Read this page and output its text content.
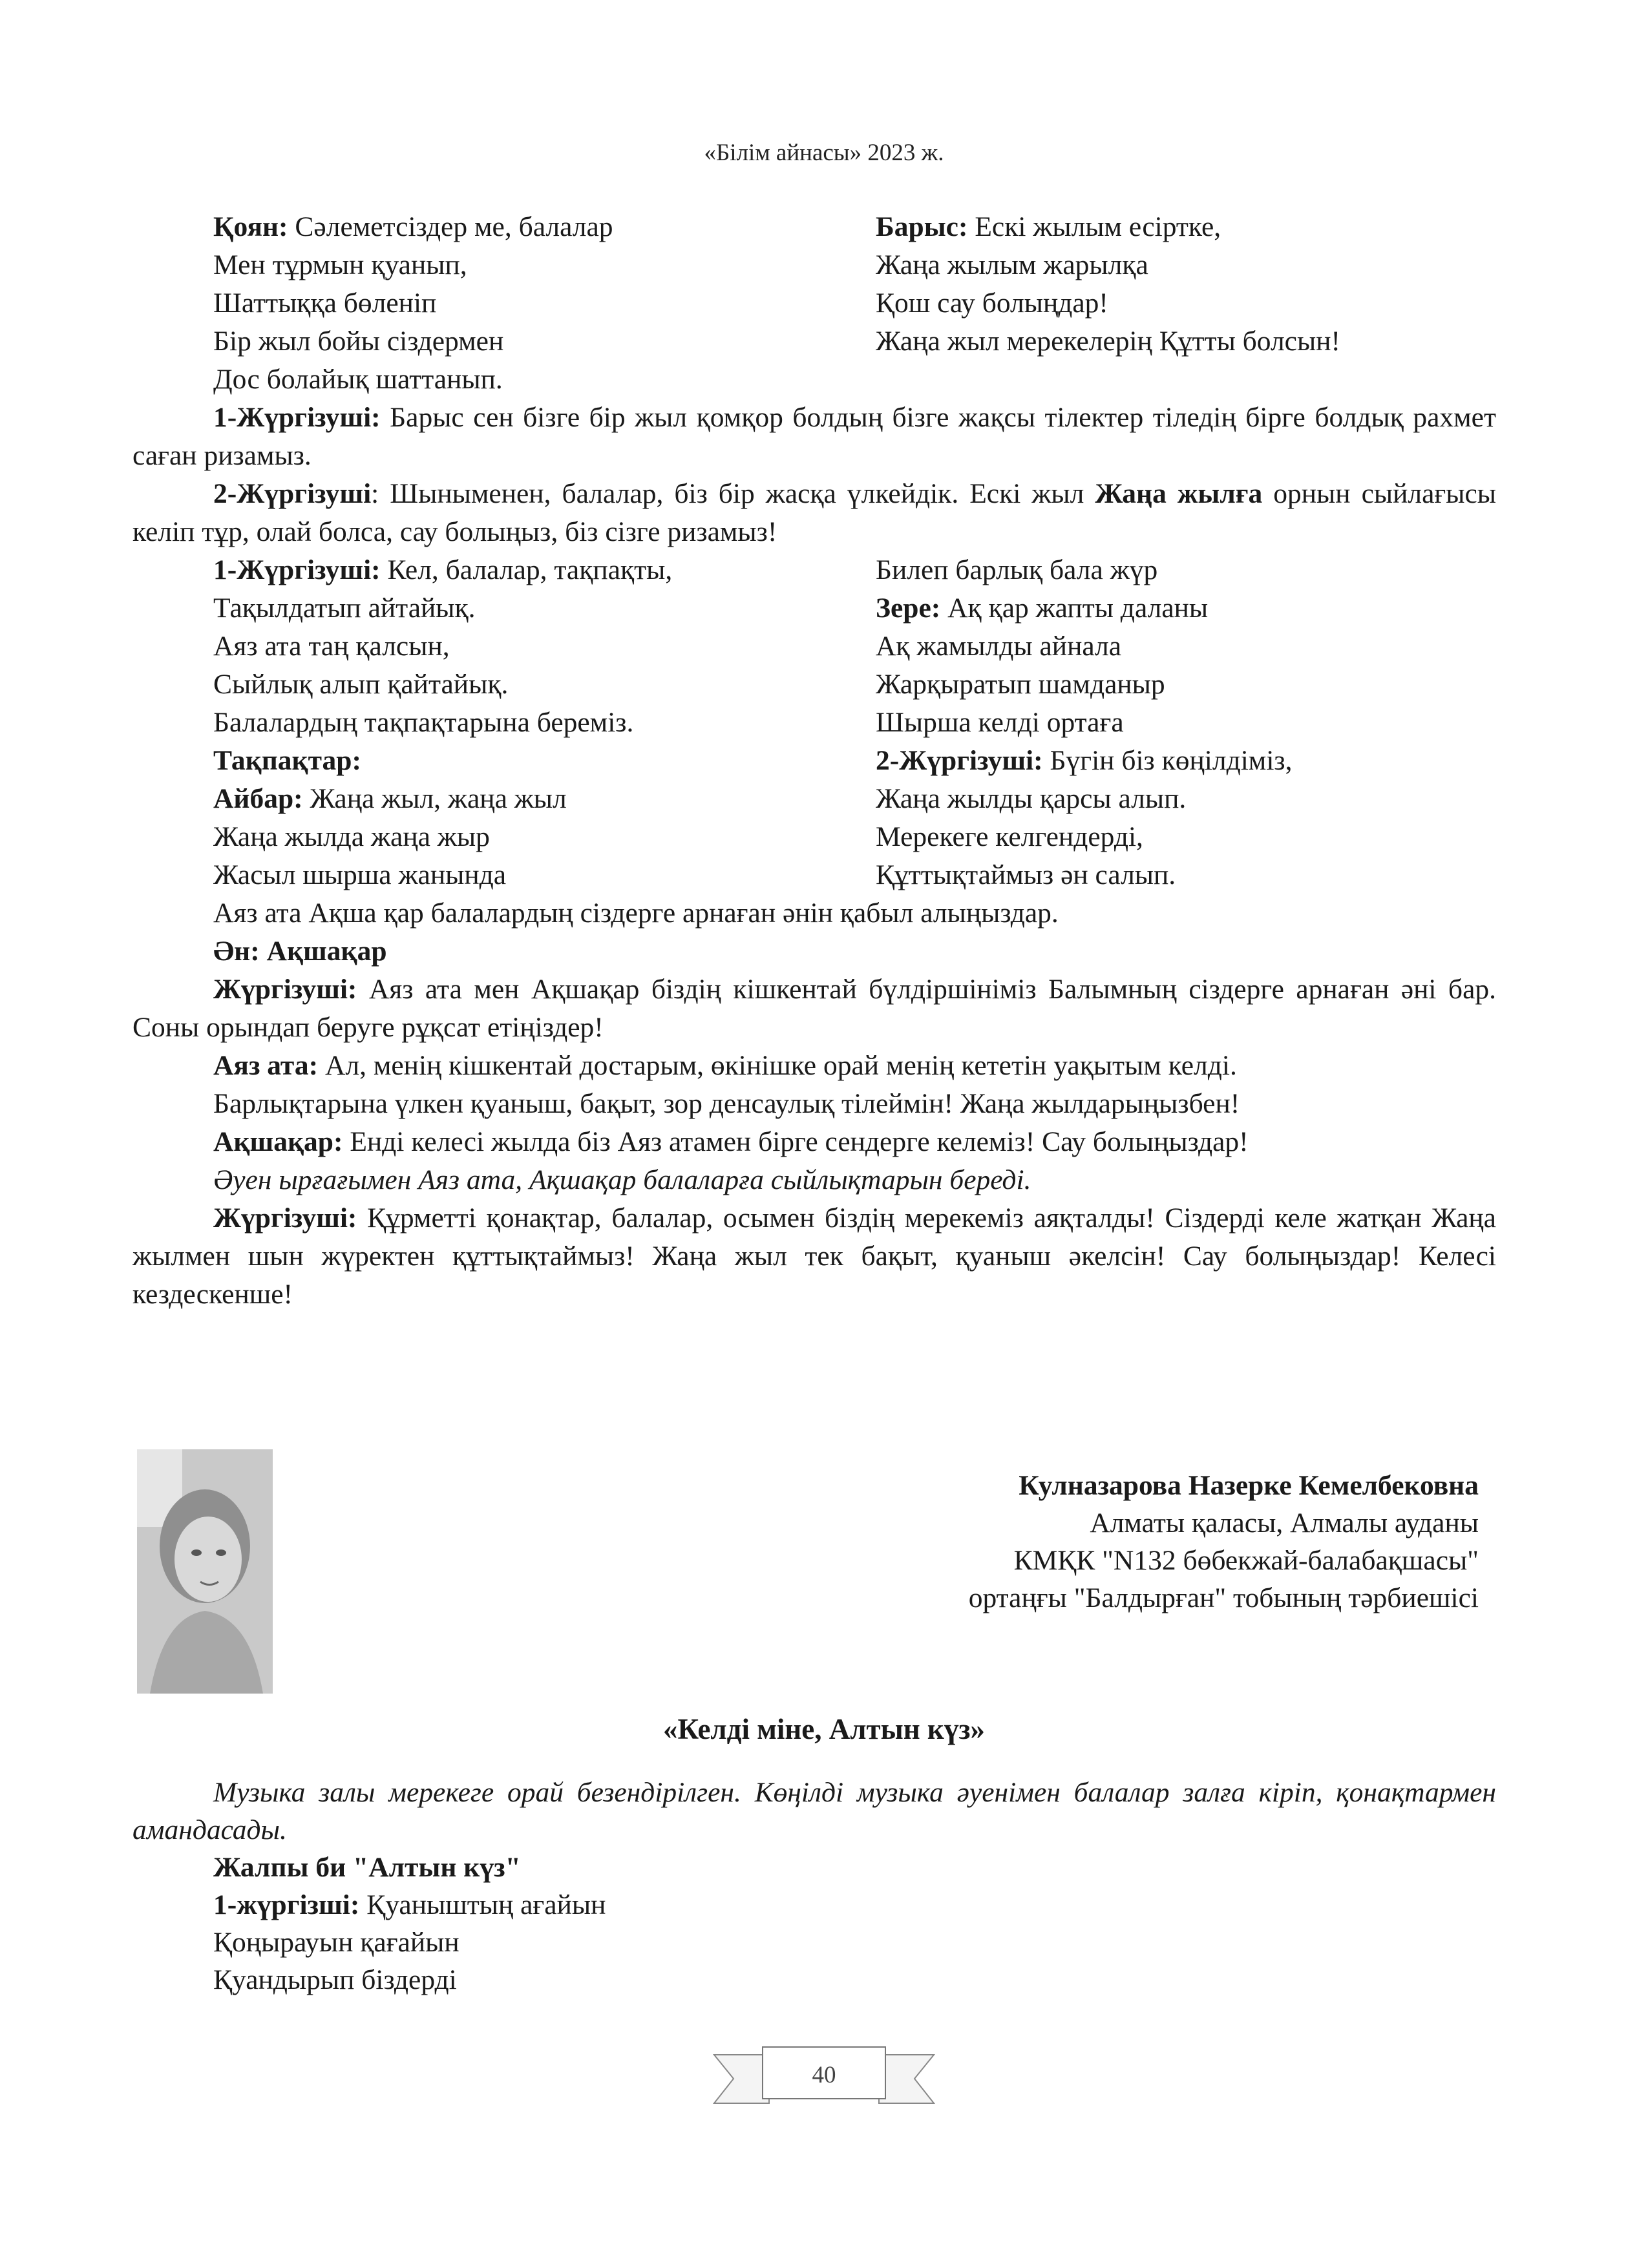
«Білім айнасы» 2023 ж.
Қоян: Сәлеметсіздер ме, балалар
Мен тұрмын қуанып,
Шаттыққа бөленіп
Бір жыл бойы сіздермен
Дос болайық шаттанып.
Барыс: Ескі жылым есіртке,
Жаңа жылым жарылқа
Қош сау болыңдар!
Жаңа жыл мерекелерің Құтты болсын!
1-Жүргізуші: Барыс сен бізге бір жыл қомқор болдың бізге жақсы тілектер тіледің бірге болдық рахмет саған ризамыз.
2-Жүргізуші: Шыныменен, балалар, біз бір жасқа үлкейдік. Ескі жыл Жаңа жылға орнын сыйлағысы келіп тұр, олай болса, сау болыңыз, біз сізге ризамыз!
1-Жүргізуші: Кел, балалар, тақпақты,
Тақылдатып айтайық.
Аяз ата таң қалсын,
Сыйлық алып қайтайық.
Балалардың тақпақтарына береміз.
Тақпақтар:
Айбар: Жаңа жыл, жаңа жыл
Жаңа жылда жаңа жыр
Жасыл шырша жанында
Билеп барлық бала жүр
Зере: Ақ қар жапты даланы
Ақ жамылды айнала
Жарқыратып шамданыр
Шырша келді ортаға
2-Жүргізуші: Бүгін біз көңілдіміз,
Жаңа жылды қарсы алып.
Мерекеге келгендерді,
Құттықтаймыз ән салып.
Аяз ата Ақша қар балалардың сіздерге арнаған әнін қабыл алыңыздар.
Ән: Ақшақар
Жүргізуші: Аяз ата мен Ақшақар біздің кішкентай бүлдіршініміз Балымның сіздерге арнаған әні бар. Соны орындап беруге рұқсат етіңіздер!
Аяз ата: Ал, менің кішкентай достарым, өкінішке орай менің кететін уақытым келді.
Барлықтарына үлкен қуаныш, бақыт, зор денсаулық тілеймін! Жаңа жылдарыңызбен!
Ақшақар: Енді келесі жылда біз Аяз атамен бірге сендерге келеміз! Сау болыңыздар!
Әуен ырғағымен Аяз ата, Ақшақар балаларға сыйлықтарын береді.
Жүргізуші: Құрметті қонақтар, балалар, осымен біздің мерекеміз аяқталды! Сіздерді келе жатқан Жаңа жылмен шын жүректен құттықтаймыз! Жаңа жыл тек бақыт, қуаныш әкелсін! Сау болыңыздар! Келесі кездескенше!
Кулназарова Назерке Кемелбековна
Алматы қаласы, Алмалы ауданы
КМҚК "N132 бөбекжай-балабақшасы"
ортаңғы "Балдырған" тобының тәрбиешісі
«Келді міне, Алтын күз»
Музыка залы мерекеге орай безендірілген. Көңілді музыка әуенімен балалар залға кіріп, қонақтармен амандасады.
Жалпы би "Алтын күз"
1-жүргізші: Қуаныштың ағайын
Қоңырауын қағайын
Қуандырып біздерді
40
